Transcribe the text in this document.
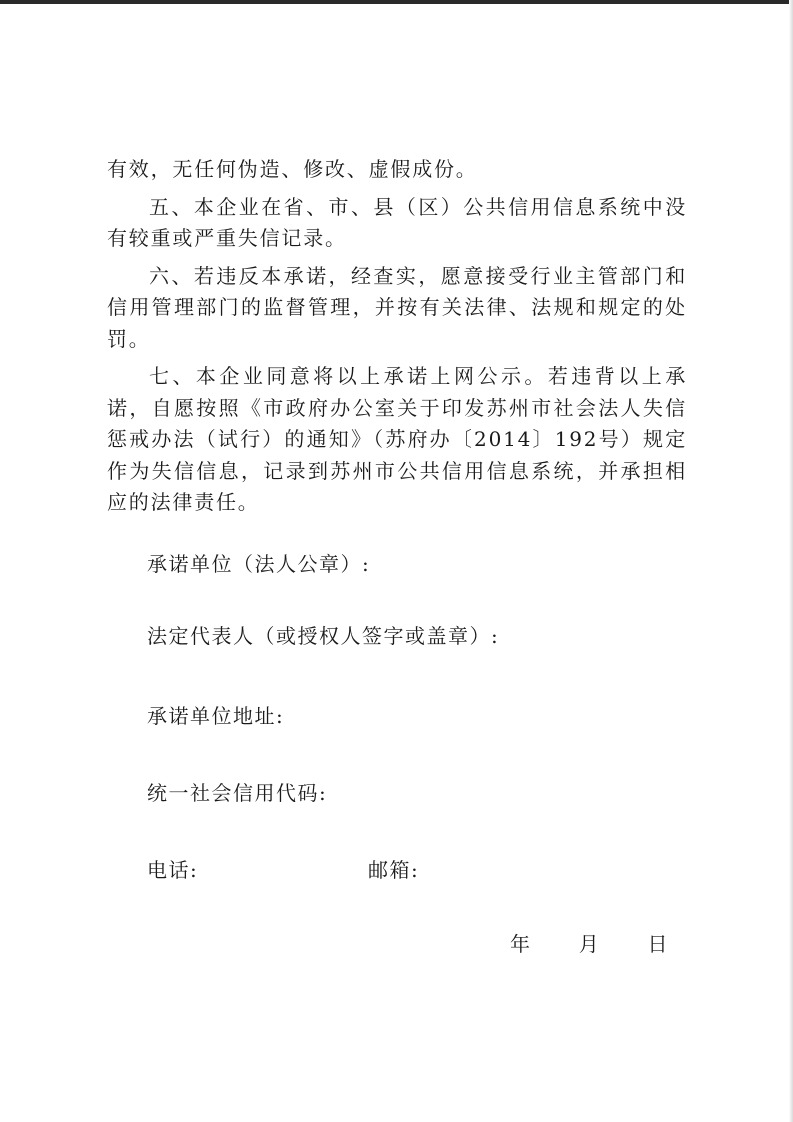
有效，无任何伪造、修改、虚假成份。

五、本企业在省、市、县（区）公共信用信息系统中没有较重或严重失信记录。

六、若违反本承诺，经查实，愿意接受行业主管部门和信用管理部门的监督管理，并按有关法律、法规和规定的处罚。

七、本企业同意将以上承诺上网公示。若违背以上承诺，自愿按照《市政府办公室关于印发苏州市社会法人失信惩戒办法（试行）的通知》（苏府办〔2014〕192号）规定作为失信信息，记录到苏州市公共信用信息系统，并承担相应的法律责任。

承诺单位（法人公章）:
法定代表人（或授权人签字或盖章）:
承诺单位地址:
统一社会信用代码:
电话:	邮箱:
年 月 日
